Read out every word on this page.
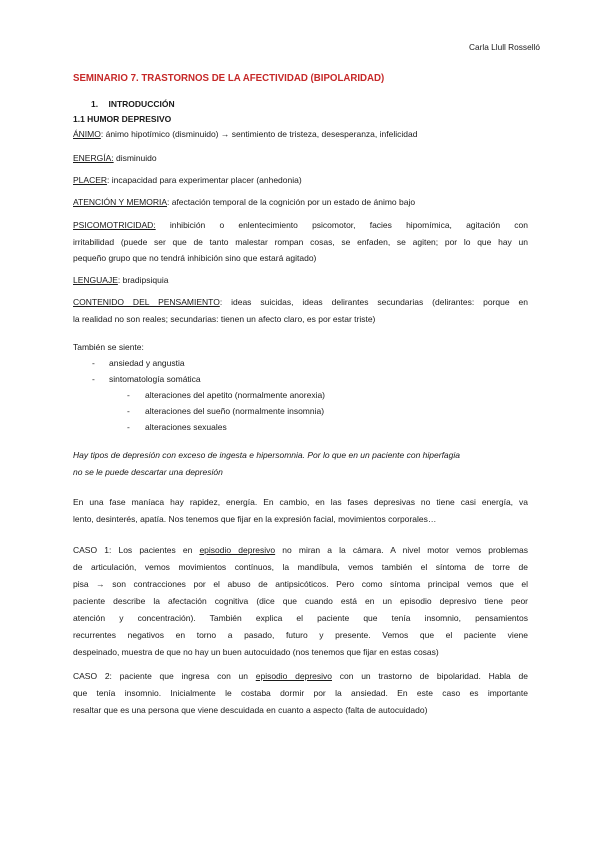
Carla Llull Rosselló
SEMINARIO 7. TRASTORNOS DE LA AFECTIVIDAD (BIPOLARIDAD)
1. INTRODUCCIÓN
1.1 HUMOR DEPRESIVO
ÁNIMO: ánimo hipotímico (disminuido) → sentimiento de tristeza, desesperanza, infelicidad
ENERGÍA: disminuido
PLACER: incapacidad para experimentar placer (anhedonia)
ATENCIÓN Y MEMORIA: afectación temporal de la cognición por un estado de ánimo bajo
PSICOMOTRICIDAD: inhibición o enlentecimiento psicomotor, facies hipomímica, agitación con
irritabilidad (puede ser que de tanto malestar rompan cosas, se enfaden, se agiten; por lo que hay un
pequeño grupo que no tendrá inhibición sino que estará agitado)
LENGUAJE: bradipsiquia
CONTENIDO DEL PENSAMIENTO: ideas suicidas, ideas delirantes secundarias (delirantes: porque en
la realidad no son reales; secundarias: tienen un afecto claro, es por estar triste)
También se siente:
- ansiedad y angustia
- sintomatología somática
- alteraciones del apetito (normalmente anorexia)
- alteraciones del sueño (normalmente insomnia)
- alteraciones sexuales
Hay tipos de depresión con exceso de ingesta e hipersomnia. Por lo que en un paciente con hiperfagia
no se le puede descartar una depresión
En una fase maníaca hay rapidez, energía. En cambio, en las fases depresivas no tiene casi energía, va
lento, desinterés, apatía. Nos tenemos que fijar en la expresión facial, movimientos corporales…
CASO 1: Los pacientes en episodio depresivo no miran a la cámara. A nivel motor vemos problemas
de articulación, vemos movimientos contínuos, la mandíbula, vemos también el síntoma de torre de
pisa → son contracciones por el abuso de antipsicóticos. Pero como síntoma principal vemos que el
paciente describe la afectación cognitiva (dice que cuando está en un episodio depresivo tiene peor
atención y concentración). También explica el paciente que tenía insomnio, pensamientos
recurrentes negativos en torno a pasado, futuro y presente. Vemos que el paciente viene
despeinado, muestra de que no hay un buen autocuidado (nos tenemos que fijar en estas cosas)
CASO 2: paciente que ingresa con un episodio depresivo con un trastorno de bipolaridad. Habla de
que tenía insomnio. Inicialmente le costaba dormir por la ansiedad. En este caso es importante
resaltar que es una persona que viene descuidada en cuanto a aspecto (falta de autocuidado)
